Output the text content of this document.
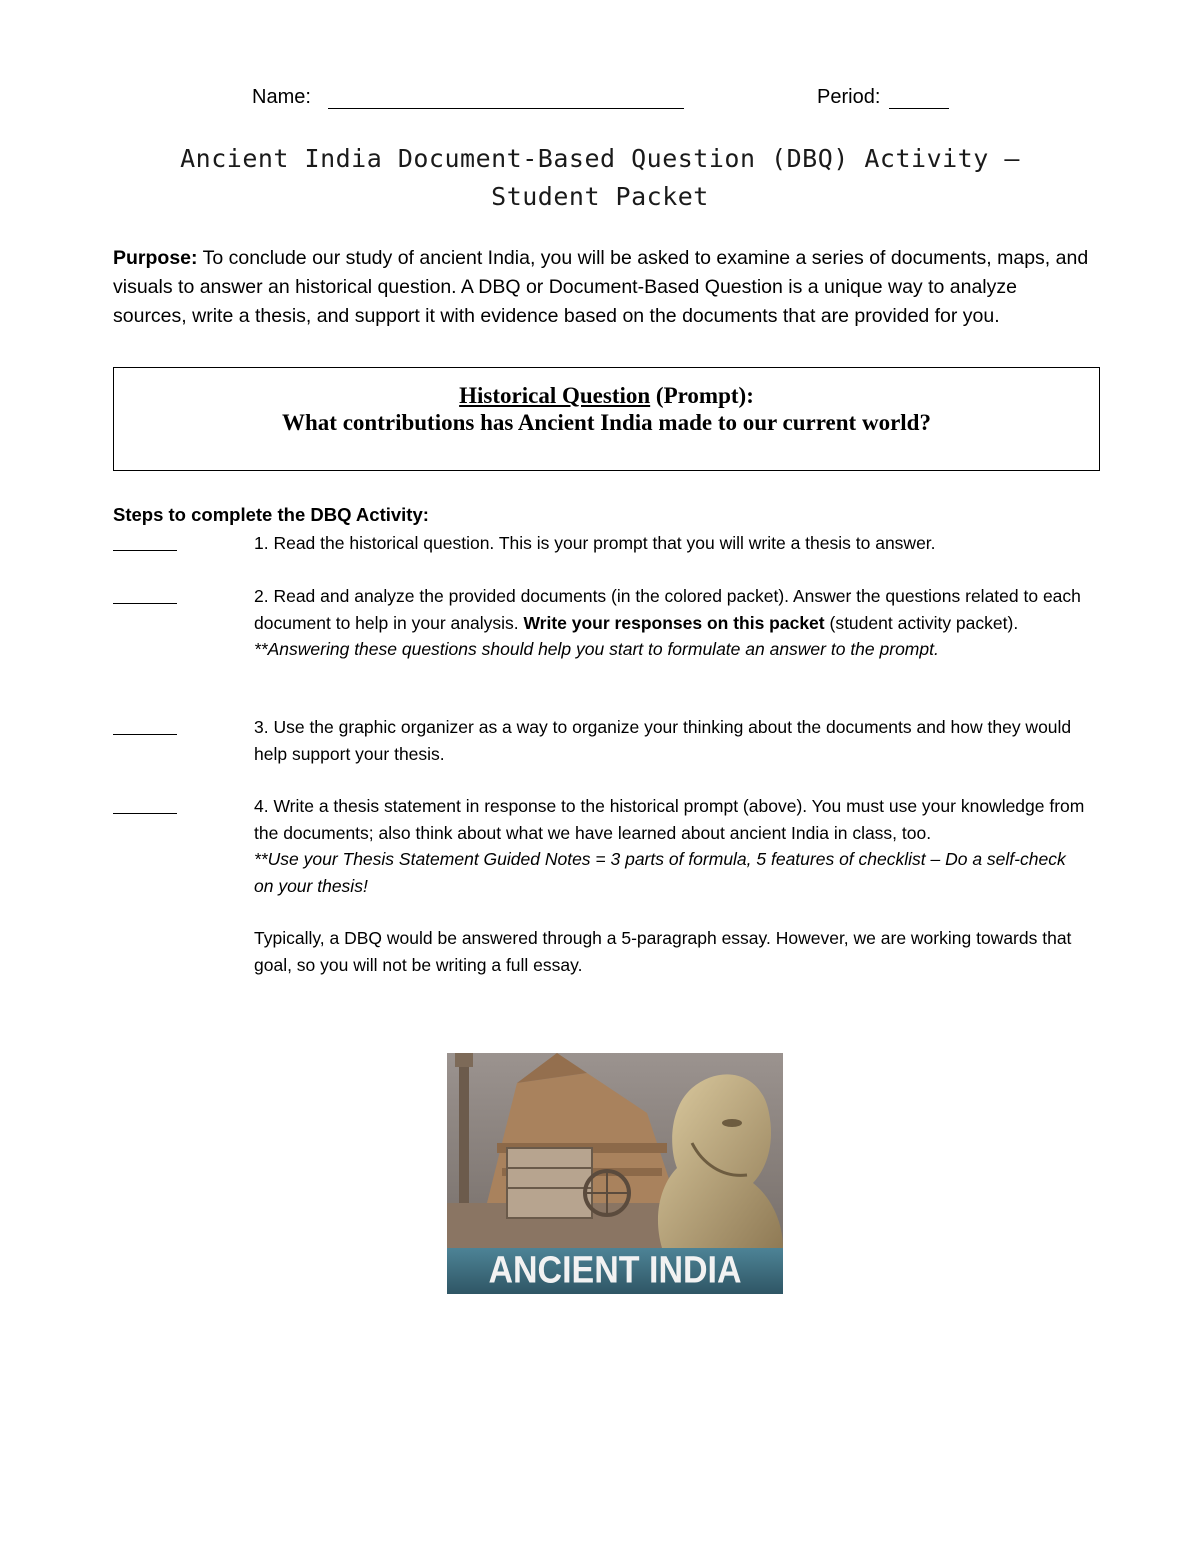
Name:	Period:
Ancient India Document-Based Question (DBQ) Activity –
Student Packet
Purpose: To conclude our study of ancient India, you will be asked to examine a series of documents, maps, and visuals to answer an historical question. A DBQ or Document-Based Question is a unique way to analyze sources, write a thesis, and support it with evidence based on the documents that are provided for you.
Historical Question (Prompt):
What contributions has Ancient India made to our current world?
Steps to complete the DBQ Activity:
1. Read the historical question. This is your prompt that you will write a thesis to answer.
2. Read and analyze the provided documents (in the colored packet). Answer the questions related to each document to help in your analysis. Write your responses on this packet (student activity packet).
**Answering these questions should help you start to formulate an answer to the prompt.
3. Use the graphic organizer as a way to organize your thinking about the documents and how they would help support your thesis.
4. Write a thesis statement in response to the historical prompt (above). You must use your knowledge from the documents; also think about what we have learned about ancient India in class, too.
**Use your Thesis Statement Guided Notes = 3 parts of formula, 5 features of checklist – Do a self-check on your thesis!
Typically, a DBQ would be answered through a 5-paragraph essay. However, we are working towards that goal, so you will not be writing a full essay.
ANCIENT INDIA
